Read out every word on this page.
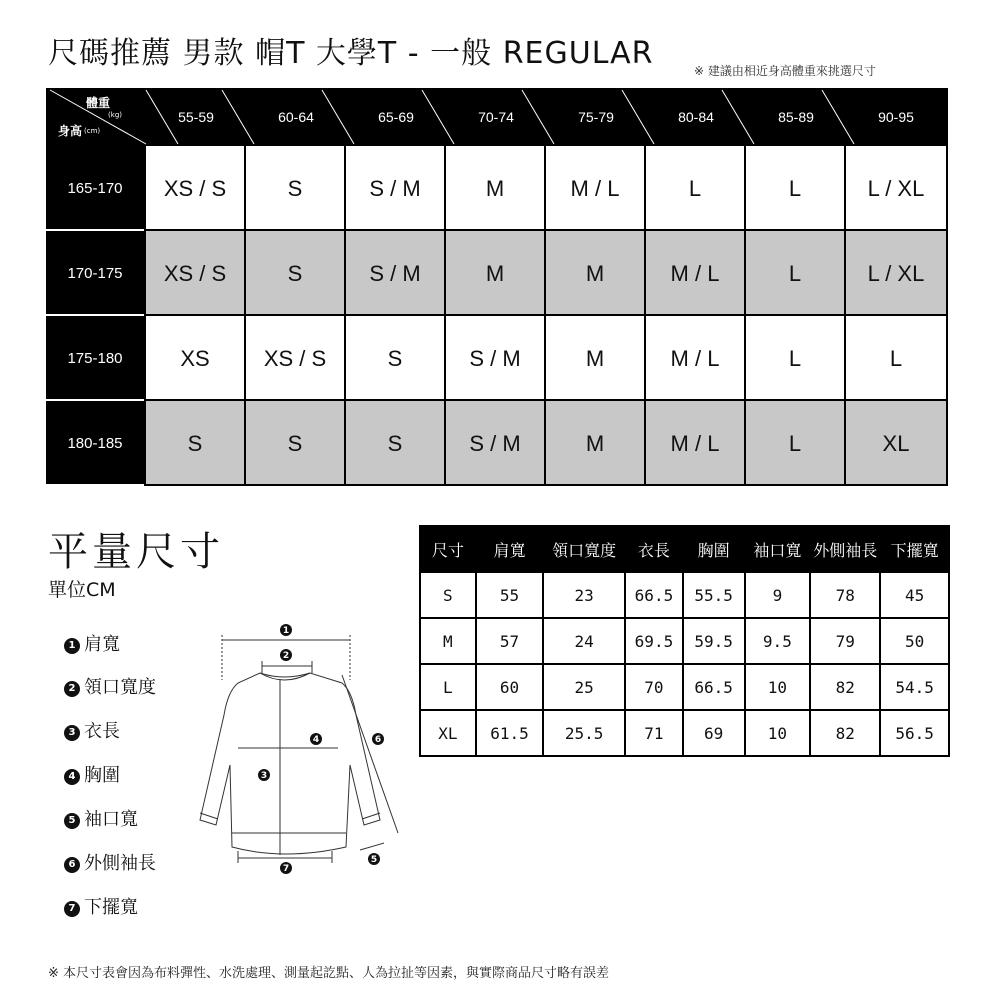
尺碼推薦 男款 帽T 大學T - 一般 REGULAR	※ 建議由相近身高體重來挑選尺寸
體重
(kg)
身高 (cm)
55-59	60-64	65-69	70-74	75-79	80-84	85-89	90-95
165-170	XS / S	S	S / M	M	M / L	L	L	L / XL
170-175	XS / S	S	S / M	M	M	M / L	L	L / XL
175-180	XS	XS / S	S	S / M	M	M / L	L	L
180-185	S	S	S	S / M	M	M / L	L	XL
平量尺寸
單位CM
1 肩寬
2 領口寬度
3 衣長
4 胸圍
5 袖口寬
6 外側袖長
7 下擺寬
1
2
3
4
5
6
7
尺寸	肩寬	領口寬度	衣長	胸圍	袖口寬	外側袖長	下擺寬
S	55	23	66.5	55.5	9	78	45
M	57	24	69.5	59.5	9.5	79	50
L	60	25	70	66.5	10	82	54.5
XL	61.5	25.5	71	69	10	82	56.5
※ 本尺寸表會因為布料彈性、水洗處理、測量起訖點、人為拉扯等因素，與實際商品尺寸略有誤差
